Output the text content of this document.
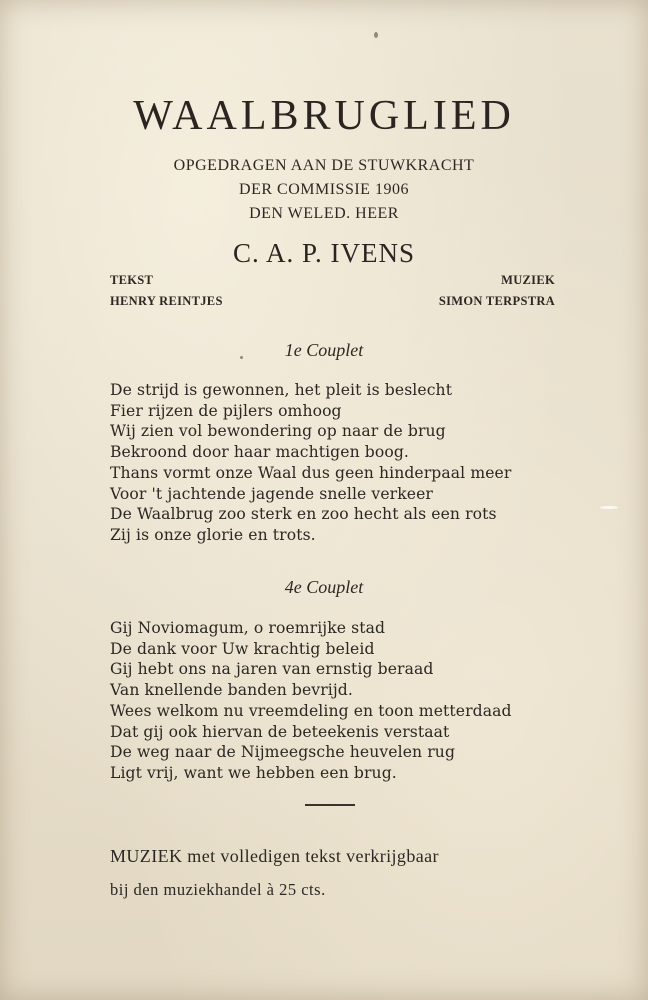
WAALBRUGLIED
OPGEDRAGEN AAN DE STUWKRACHT
DER COMMISSIE 1906
DEN WELED. HEER
C. A. P. IVENS
TEKST
HENRY REINTJES
MUZIEK
SIMON TERPSTRA
1e Couplet
De strijd is gewonnen, het pleit is beslecht
Fier rijzen de pijlers omhoog
Wij zien vol bewondering op naar de brug
Bekroond door haar machtigen boog.
Thans vormt onze Waal dus geen hinderpaal meer
Voor 't jachtende jagende snelle verkeer
De Waalbrug zoo sterk en zoo hecht als een rots
Zij is onze glorie en trots.
4e Couplet
Gij Noviomagum, o roemrijke stad
De dank voor Uw krachtig beleid
Gij hebt ons na jaren van ernstig beraad
Van knellende banden bevrijd.
Wees welkom nu vreemdeling en toon metterdaad
Dat gij ook hiervan de beteekenis verstaat
De weg naar de Nijmeegsche heuvelen rug
Ligt vrij, want we hebben een brug.
MUZIEK met volledigen tekst verkrijgbaar
bij den muziekhandel à 25 cts.
